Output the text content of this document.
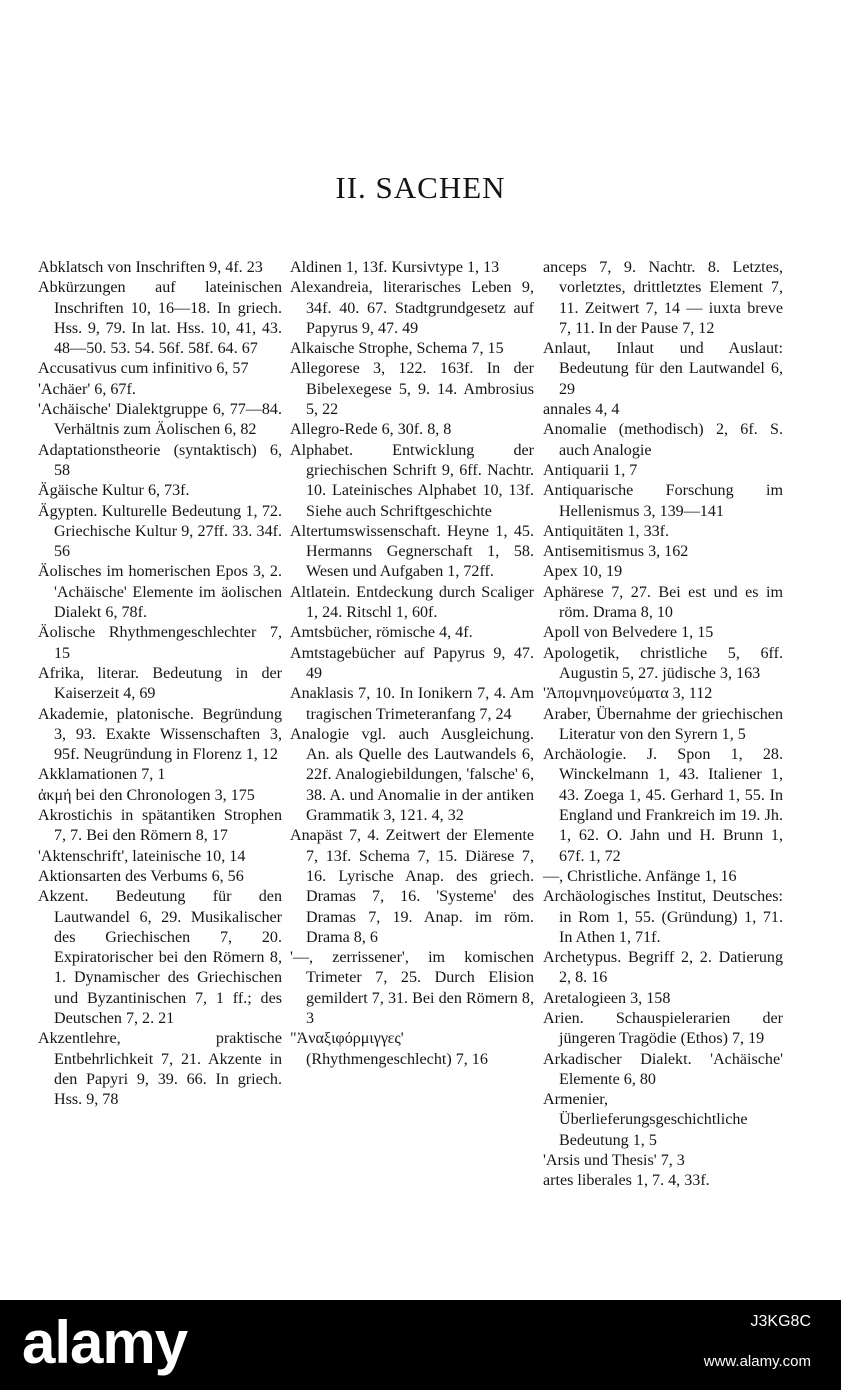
II. SACHEN

Abklatsch von Inschriften 9, 4f. 23

Abkürzungen auf lateinischen Inschriften 10, 16—18. In griech. Hss. 9, 79. In lat. Hss. 10, 41, 43. 48—50. 53. 54. 56f. 58f. 64. 67

Accusativus cum infinitivo 6, 57

'Achäer' 6, 67f.

'Achäische' Dialektgruppe 6, 77—84. Verhältnis zum Äolischen 6, 82

Adaptationstheorie (syntaktisch) 6, 58

Ägäische Kultur 6, 73f.

Ägypten. Kulturelle Bedeutung 1, 72. Griechische Kultur 9, 27ff. 33. 34f. 56

Äolisches im homerischen Epos 3, 2. 'Achäische' Elemente im äolischen Dialekt 6, 78f.

Äolische Rhythmengeschlechter 7, 15

Afrika, literar. Bedeutung in der Kaiserzeit 4, 69

Akademie, platonische. Begründung 3, 93. Exakte Wissenschaften 3, 95f. Neugründung in Florenz 1, 12

Akklamationen 7, 1

ἀκμή bei den Chronologen 3, 175

Akrostichis in spätantiken Strophen 7, 7. Bei den Römern 8, 17

'Aktenschrift', lateinische 10, 14

Aktionsarten des Verbums 6, 56

Akzent. Bedeutung für den Lautwandel 6, 29. Musikalischer des Griechischen 7, 20. Expiratorischer bei den Römern 8, 1. Dynamischer des Griechischen und Byzantinischen 7, 1 ff.; des Deutschen 7, 2. 21

Akzentlehre, praktische Entbehrlichkeit 7, 21. Akzente in den Papyri 9, 39. 66. In griech. Hss. 9, 78

Aldinen 1, 13f. Kursivtype 1, 13

Alexandreia, literarisches Leben 9, 34f. 40. 67. Stadtgrundgesetz auf Papyrus 9, 47. 49

Alkaische Strophe, Schema 7, 15

Allegorese 3, 122. 163f. In der Bibelexegese 5, 9. 14. Ambrosius 5, 22

Allegro-Rede 6, 30f. 8, 8

Alphabet. Entwicklung der griechischen Schrift 9, 6ff. Nachtr. 10. Lateinisches Alphabet 10, 13f. Siehe auch Schriftgeschichte

Altertumswissenschaft. Heyne 1, 45. Hermanns Gegnerschaft 1, 58. Wesen und Aufgaben 1, 72ff.

Altlatein. Entdeckung durch Scaliger 1, 24. Ritschl 1, 60f.

Amtsbücher, römische 4, 4f.

Amtstagebücher auf Papyrus 9, 47. 49

Anaklasis 7, 10. In Ionikern 7, 4. Am tragischen Trimeteranfang 7, 24

Analogie vgl. auch Ausgleichung. An. als Quelle des Lautwandels 6, 22f. Analogiebildungen, 'falsche' 6, 38. A. und Anomalie in der antiken Grammatik 3, 121. 4, 32

Anapäst 7, 4. Zeitwert der Elemente 7, 13f. Schema 7, 15. Diärese 7, 16. Lyrische Anap. des griech. Dramas 7, 16. 'Systeme' des Dramas 7, 19. Anap. im röm. Drama 8, 6

'—, zerrissener', im komischen Trimeter 7, 25. Durch Elision gemildert 7, 31. Bei den Römern 8, 3

"Ἀναξιφόρμιγγες' (Rhythmengeschlecht) 7, 16

anceps 7, 9. Nachtr. 8. Letztes, vorletztes, drittletztes Element 7, 11. Zeitwert 7, 14 — iuxta breve 7, 11. In der Pause 7, 12

Anlaut, Inlaut und Auslaut: Bedeutung für den Lautwandel 6, 29

annales 4, 4

Anomalie (methodisch) 2, 6f. S. auch Analogie

Antiquarii 1, 7

Antiquarische Forschung im Hellenismus 3, 139—141

Antiquitäten 1, 33f.

Antisemitismus 3, 162

Apex 10, 19

Aphärese 7, 27. Bei est und es im röm. Drama 8, 10

Apoll von Belvedere 1, 15

Apologetik, christliche 5, 6ff. Augustin 5, 27. jüdische 3, 163

'Ἀπομνημονεύματα 3, 112

Araber, Übernahme der griechischen Literatur von den Syrern 1, 5

Archäologie. J. Spon 1, 28. Winckelmann 1, 43. Italiener 1, 43. Zoega 1, 45. Gerhard 1, 55. In England und Frankreich im 19. Jh. 1, 62. O. Jahn und H. Brunn 1, 67f. 1, 72

—, Christliche. Anfänge 1, 16

Archäologisches Institut, Deutsches: in Rom 1, 55. (Gründung) 1, 71. In Athen 1, 71f.

Archetypus. Begriff 2, 2. Datierung 2, 8. 16

Aretalogieen 3, 158

Arien. Schauspielerarien der jüngeren Tragödie (Ethos) 7, 19

Arkadischer Dialekt. 'Achäische' Elemente 6, 80

Armenier, Überlieferungsgeschichtliche Bedeutung 1, 5

'Arsis und Thesis' 7, 3

artes liberales 1, 7. 4, 33f.

alamy	J3KG8C
www.alamy.com
